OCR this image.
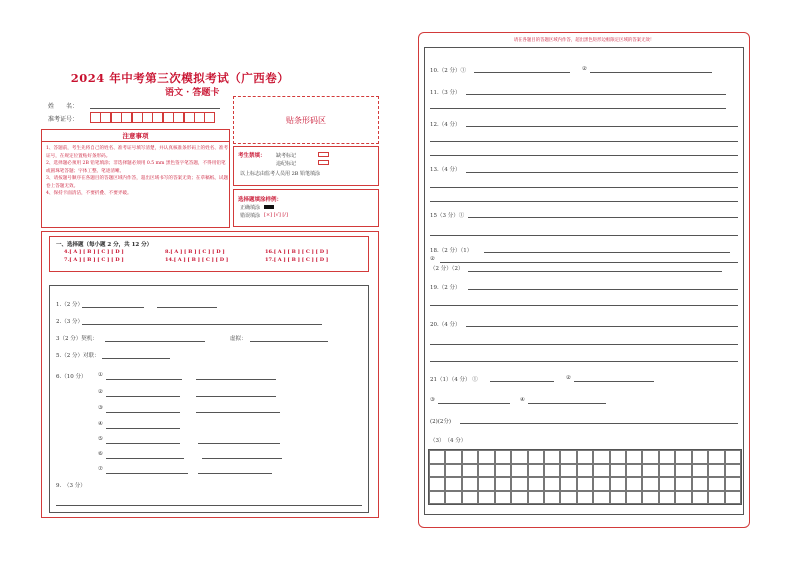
2024 年中考第三次模拟考试（广西卷）
语文 · 答题卡
姓　　名：
准考证号：	贴条形码区
注意事项
1、答题前，考生先将自己的姓名、准考证号填写清楚，并认真核准条形码上的姓名、准考证号，在规定位置贴好条形码。
2、选择题必须用 2B 铅笔填涂；非选择题必须用 0.5 mm 黑色签字笔答题，不得用铅笔或圆珠笔答题；字体工整、笔迹清晰。
3、请按题号顺序在各题目的答题区域内作答，超出区域书写的答案无效；在草稿纸、试题卷上答题无效。
4、保持卡面清洁，不要折叠、不要弄破。
考生禁填： 缺考标记
违纪标记
以上标志由监考人员用 2B 铅笔填涂
选择题填涂样例：
正确填涂
错误填涂 [×] [√] [/]
一、选择题（每小题 2 分，共 12 分）
4.[ A ] [ B ] [ C ] [ D ]	8.[ A ] [ B ] [ C ] [ D ]	16.[ A ] [ B ] [ C ] [ D ]
7.[ A ] [ B ] [ C ] [ D ]	14.[ A ] [ B ] [ C ] [ D ]	17.[ A ] [ B ] [ C ] [ D ]
1.（2 分）
2.（3 分）
3（2 分）契机：	虚拟：
5.（2 分）对联：
6.（10 分） ①
②
③
④
⑤
⑥
⑦
9.　（3 分）
请在各题目的答题区域内作答，超出黑色矩形边框限定区域的答案无效！
10.（2 分）①	②
11.（3 分）
12.（4 分）
13.（4 分）
15（3 分）①
②
18.（2 分）（1）
（2 分）（2）
19.（2 分）
20.（4 分）
21（1）（4 分） ①	②
③	④
(2)(2分)
（3）　（4 分）
